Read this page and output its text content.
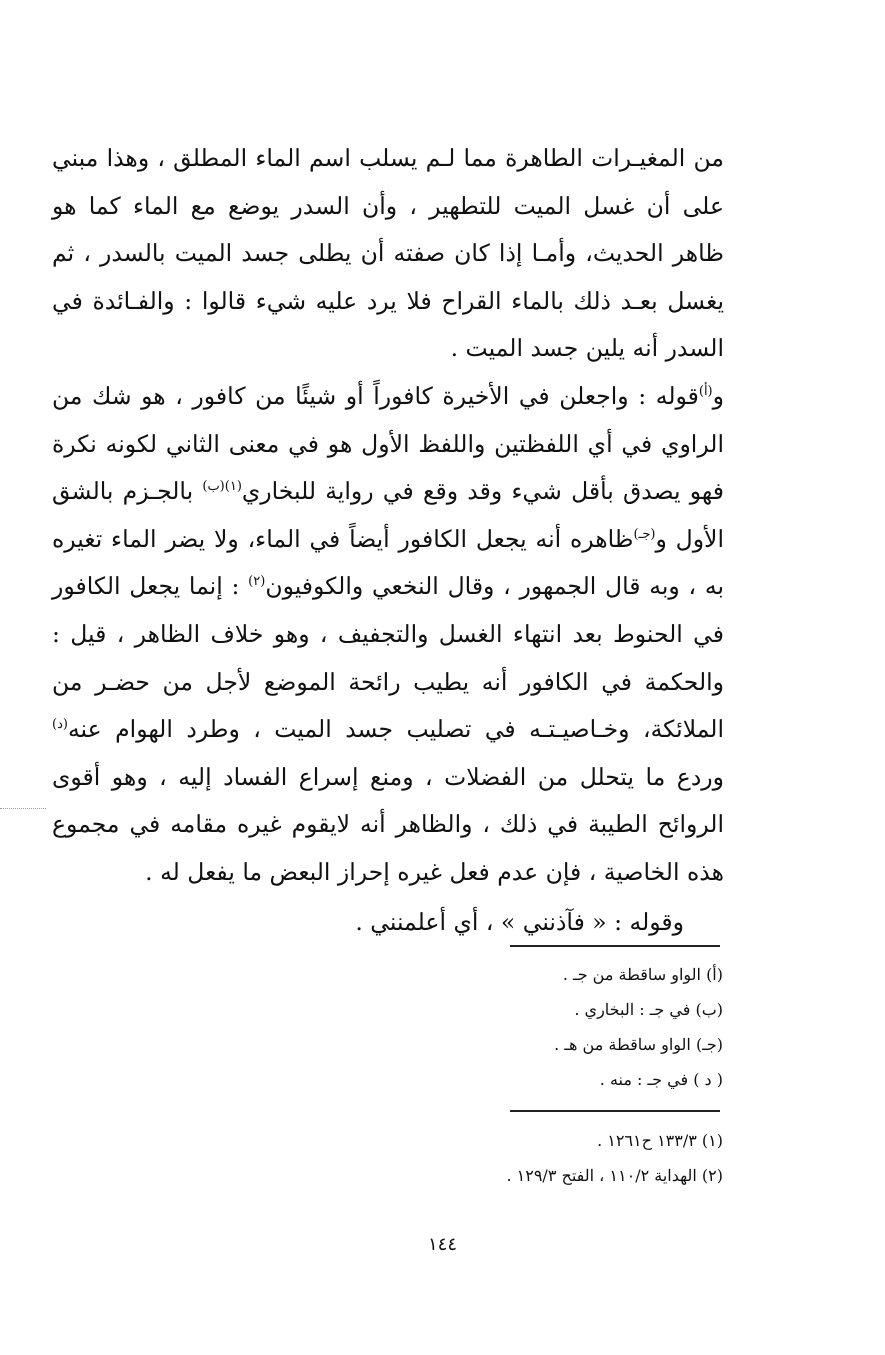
من المغيـرات الطاهرة مما لـم يسلب اسم الماء المطلق ، وهذا مبني على أن غسل الميت للتطهير ، وأن السدر يوضع مع الماء كما هو ظاهر الحديث، وأمـا إذا كان صفته أن يطلى جسد الميت بالسدر ، ثم يغسل بعـد ذلك بالماء القراح فلا يرد عليه شيء قالوا : والفـائدة في السدر أنه يلين جسد الميت .

و$^{(أ)}$قوله : واجعلن في الأخيرة كافوراً أو شيئًا من كافور ، هو شك من الراوي في أي اللفظتين واللفظ الأول هو في معنى الثاني لكونه نكرة فهو يصدق بأقل شيء وقد وقع في رواية للبخاري$^{(١)(ب)}$ بالجـزم بالشق الأول و$^{(جـ)}$ظاهره أنه يجعل الكافور أيضاً في الماء، ولا يضر الماء تغيره به ، وبه قال الجمهور ، وقال النخعي والكوفيون$^{(٢)}$ : إنما يجعل الكافور في الحنوط بعد انتهاء الغسل والتجفيف ، وهو خلاف الظاهر ، قيل : والحكمة في الكافور أنه يطيب رائحة الموضع لأجل من حضـر من الملائكة، وخـاصيـتـه في تصليب جسد الميت ، وطرد الهوام عنه$^{(د)}$ وردع ما يتحلل من الفضلات ، ومنع إسراع الفساد إليه ، وهو أقوى الروائح الطيبة في ذلك ، والظاهر أنه لايقوم غيره مقامه في مجموع هذه الخاصية ، فإن عدم فعل غيره إحراز البعض ما يفعل له .

وقوله : « فآذنني » ، أي أعلمنني .

(أ) الواو ساقطة من جـ .
(ب) في جـ : البخاري .
(جـ) الواو ساقطة من هـ .
( د ) في جـ : منه .
(١) ١٣٣/٣ ح١٢٦١ .
(٢) الهداية ١١٠/٢ ، الفتح ١٢٩/٣ .
١٤٤
